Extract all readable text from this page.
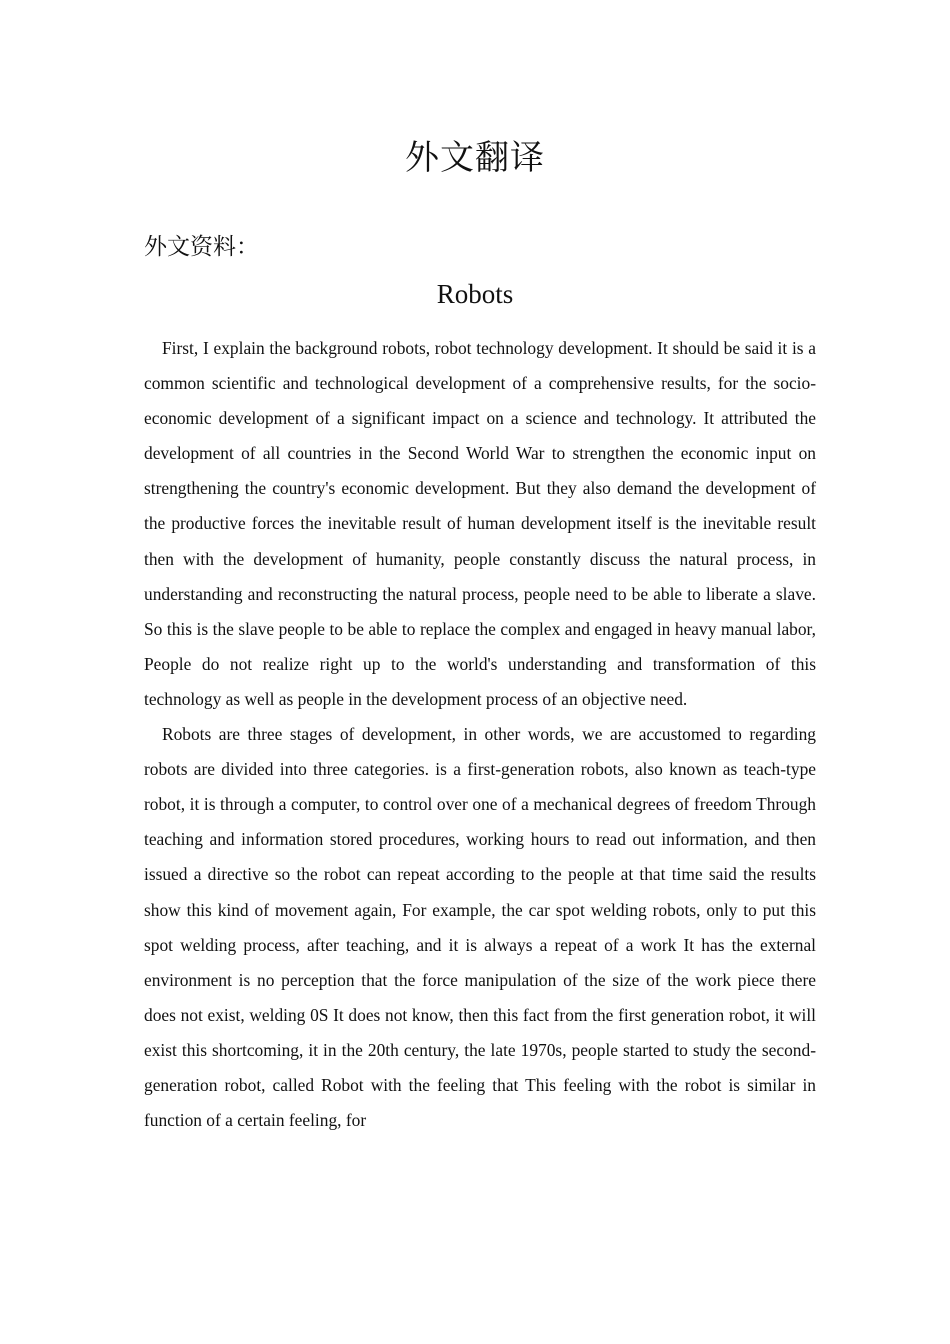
外文翻译
外文资料：
Robots

First, I explain the background robots, robot technology development. It should be said it is a common scientific and technological development of a comprehensive results, for the socio-economic development of a significant impact on a science and technology. It attributed the development of all countries in the Second World War to strengthen the economic input on strengthening the country's economic development. But they also demand the development of the productive forces the inevitable result of human development itself is the inevitable result then with the development of humanity, people constantly discuss the natural process, in understanding and reconstructing the natural process, people need to be able to liberate a slave. So this is the slave people to be able to replace the complex and engaged in heavy manual labor, People do not realize right up to the world's understanding and transformation of this technology as well as people in the development process of an objective need.

Robots are three stages of development, in other words, we are accustomed to regarding robots are divided into three categories. is a first-generation robots, also known as teach-type robot, it is through a computer, to control over one of a mechanical degrees of freedom Through teaching and information stored procedures, working hours to read out information, and then issued a directive so the robot can repeat according to the people at that time said the results show this kind of movement again, For example, the car spot welding robots, only to put this spot welding process, after teaching, and it is always a repeat of a work It has the external environment is no perception that the force manipulation of the size of the work piece there does not exist, welding 0S It does not know, then this fact from the first generation robot, it will exist this shortcoming, it in the 20th century, the late 1970s, people started to study the second-generation robot, called Robot with the feeling that This feeling with the robot is similar in function of a certain feeling, for
